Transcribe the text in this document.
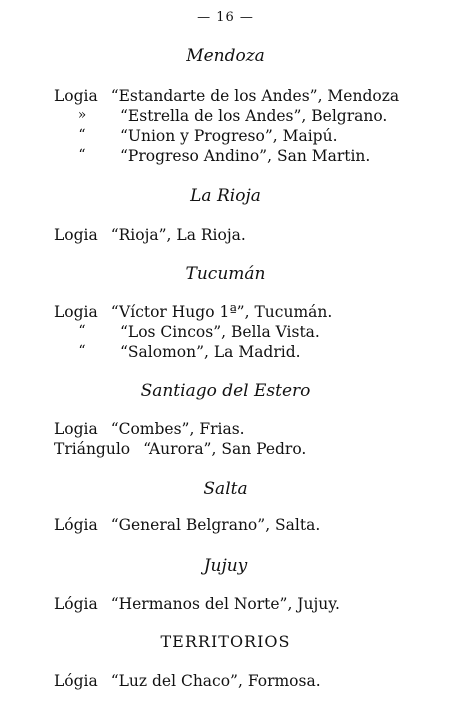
— 16 —
Mendoza
Logia “Estandarte de los Andes”, Mendoza
»	“Estrella de los Andes”, Belgrano.
“	“Union y Progreso”, Maipú.
“	“Progreso Andino”, San Martin.
La Rioja
Logia “Rioja”, La Rioja.
Tucumán
Logia “Víctor Hugo 1ª”, Tucumán.
“	“Los Cincos”, Bella Vista.
“	“Salomon”, La Madrid.
Santiago del Estero
Logia “Combes”, Frias.
Triángulo “Aurora”, San Pedro.
Salta
Lógia “General Belgrano”, Salta.
Jujuy
Lógia “Hermanos del Norte”, Jujuy.
TERRITORIOS
Lógia “Luz del Chaco”, Formosa.
